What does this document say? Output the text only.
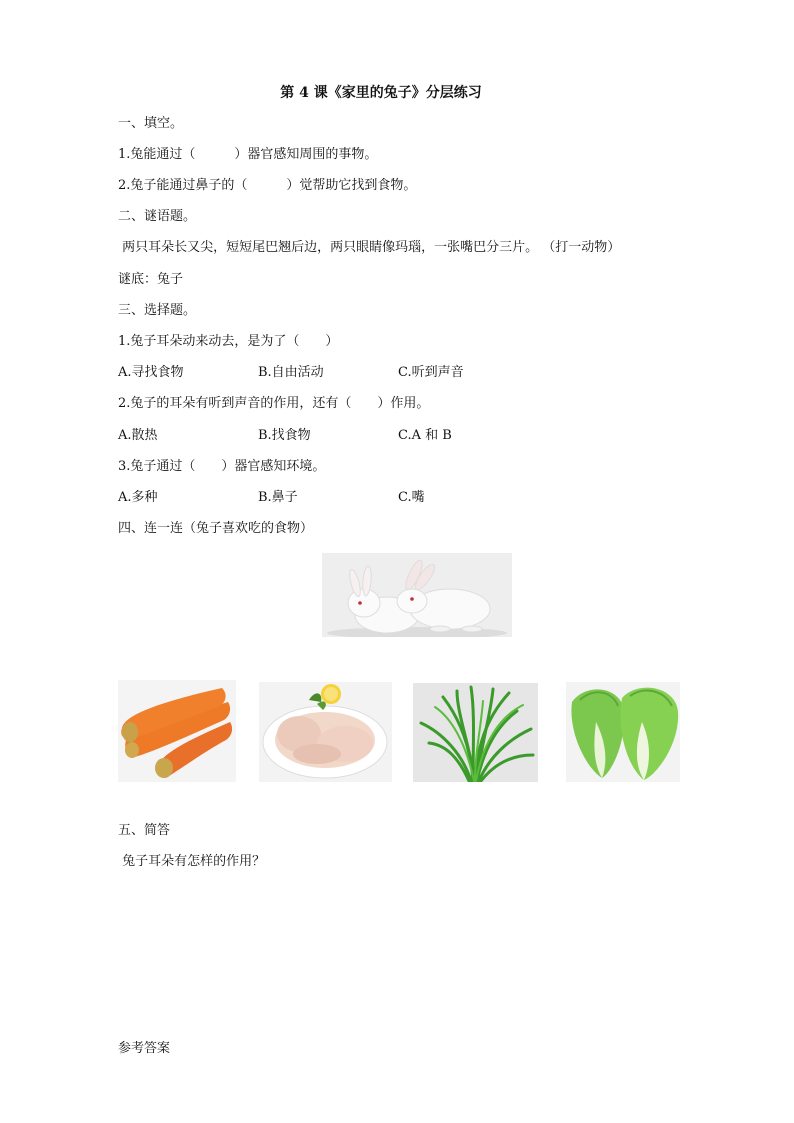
第 4 课《家里的兔子》分层练习
一、填空。
1.兔能通过（　　　）器官感知周围的事物。
2.兔子能通过鼻子的（　　　）觉帮助它找到食物。
二、谜语题。
两只耳朵长又尖，短短尾巴翘后边，两只眼睛像玛瑙，一张嘴巴分三片。 （打一动物）
谜底：兔子
三、选择题。
1.兔子耳朵动来动去，是为了（　　）
A.寻找食物	B.自由活动	C.听到声音
2.兔子的耳朵有听到声音的作用，还有（　　）作用。
A.散热	B.找食物	C.A 和 B
3.兔子通过（　　）器官感知环境。
A.多种	B.鼻子	C.嘴
四、连一连（兔子喜欢吃的食物）
五、简答
兔子耳朵有怎样的作用？
参考答案
